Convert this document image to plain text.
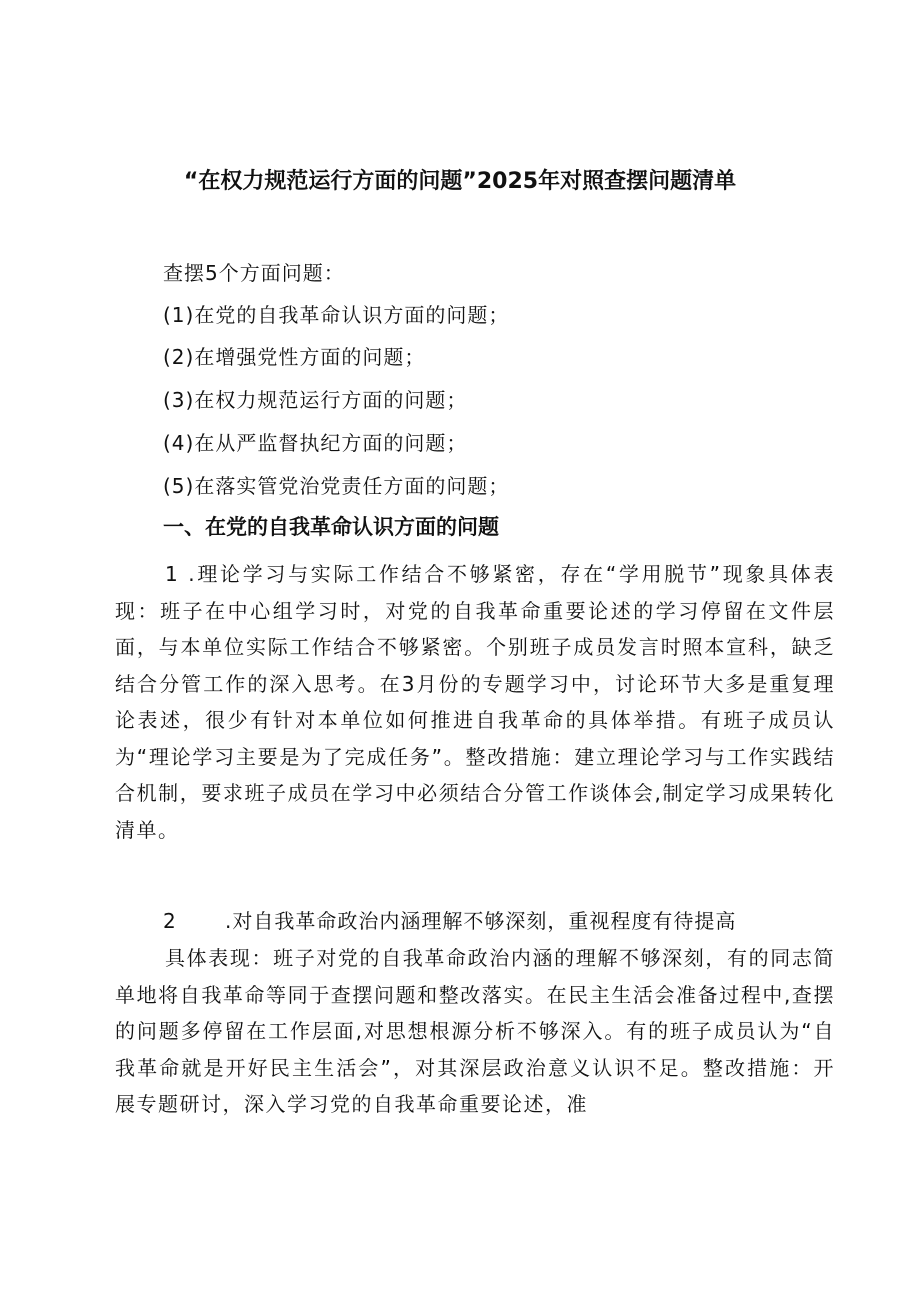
“在权力规范运行方面的问题”2025年对照查摆问题清单
查摆5个方面问题：
(1)在党的自我革命认识方面的问题；
(2)在增强党性方面的问题；
(3)在权力规范运行方面的问题；
(4)在从严监督执纪方面的问题；
(5)在落实管党治党责任方面的问题；
一、在党的自我革命认识方面的问题

1 .理论学习与实际工作结合不够紧密，存在“学用脱节”现象具体表现：班子在中心组学习时，对党的自我革命重要论述的学习停留在文件层面，与本单位实际工作结合不够紧密。个别班子成员发言时照本宣科，缺乏结合分管工作的深入思考。在3月份的专题学习中，讨论环节大多是重复理论表述，很少有针对本单位如何推进自我革命的具体举措。有班子成员认为“理论学习主要是为了完成任务”。整改措施：建立理论学习与工作实践结合机制，要求班子成员在学习中必须结合分管工作谈体会,制定学习成果转化清单。

2 .对自我革命政治内涵理解不够深刻，重视程度有待提高

具体表现：班子对党的自我革命政治内涵的理解不够深刻，有的同志简单地将自我革命等同于查摆问题和整改落实。在民主生活会准备过程中,查摆的问题多停留在工作层面,对思想根源分析不够深入。有的班子成员认为“自我革命就是开好民主生活会”，对其深层政治意义认识不足。整改措施：开展专题研讨，深入学习党的自我革命重要论述，准
